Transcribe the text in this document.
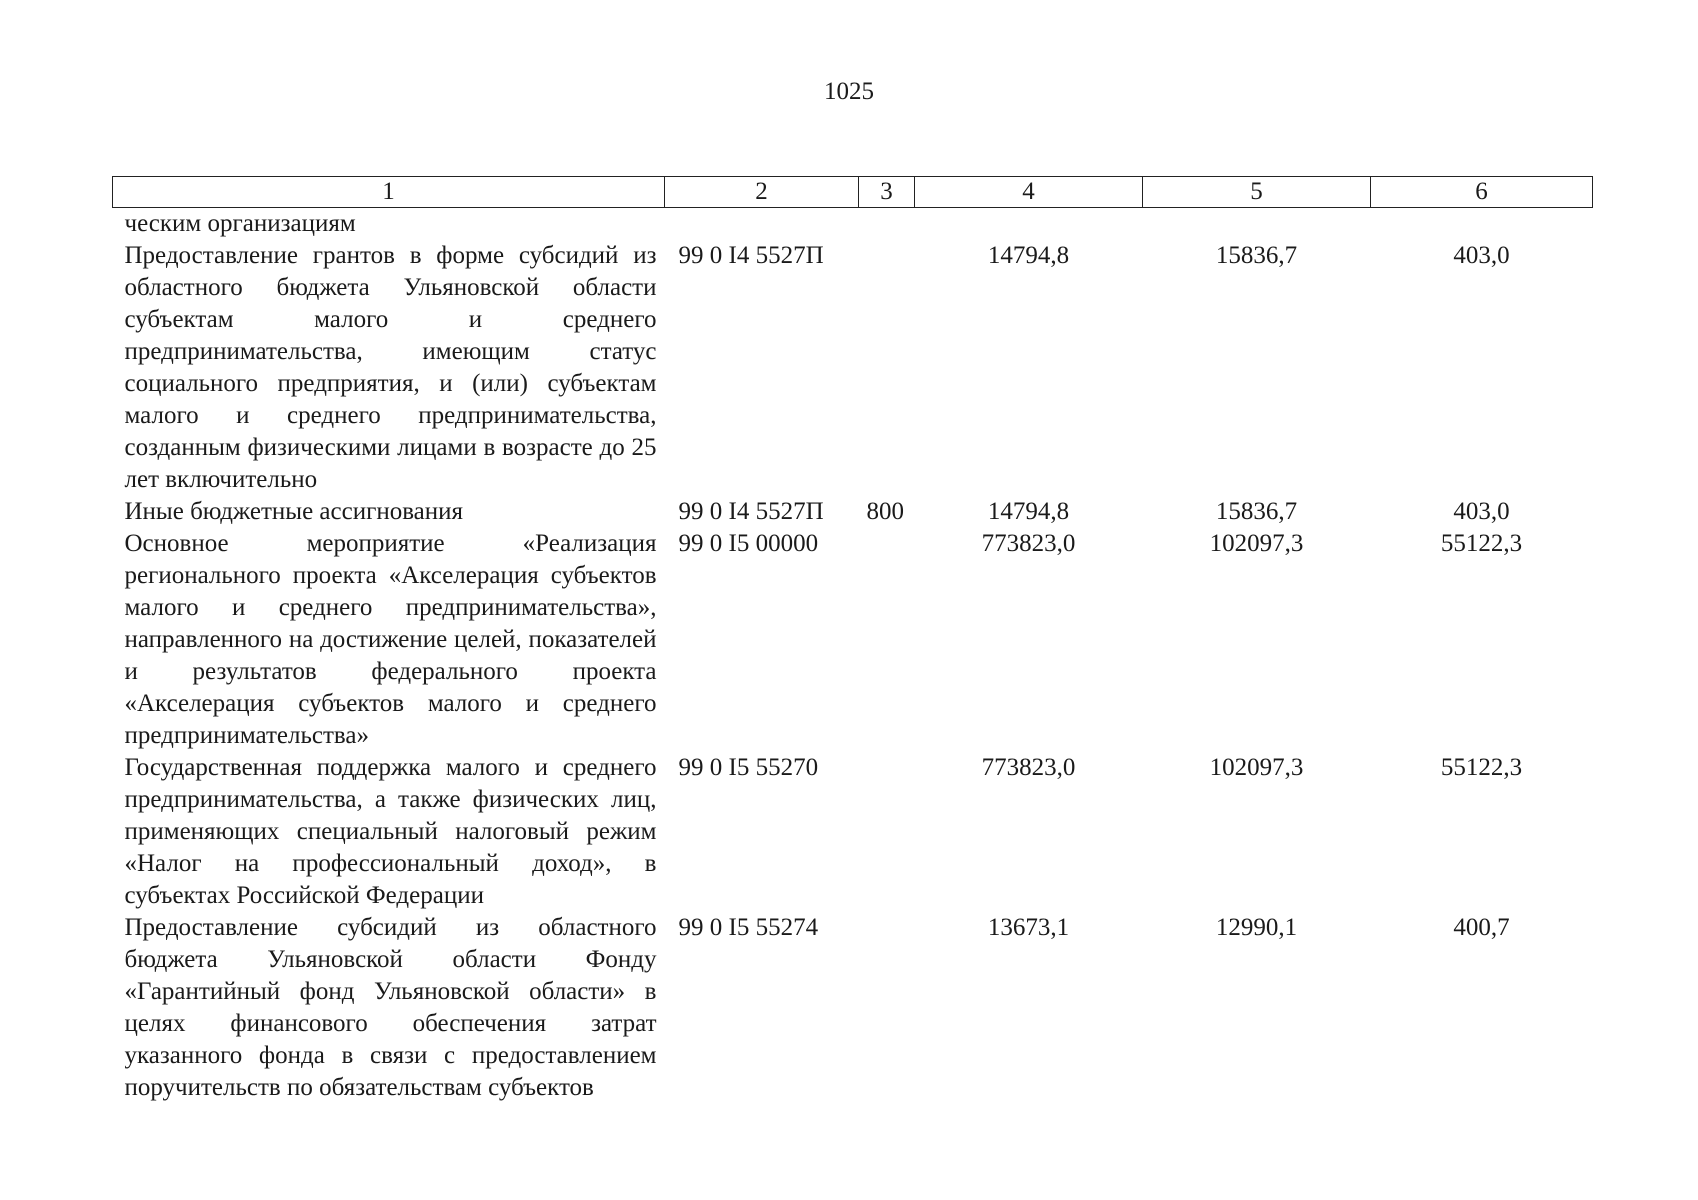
1025
1	2	3	4	5	6
ческим организациям					
Предоставление грантов в форме субсидий из областного бюджета Ульяновской области субъектам малого и среднего предпринимательства, имеющим статус социального предприятия, и (или) субъектам малого и среднего предпринимательства, созданным физическими лицами в возрасте до 25 лет включительно	99 0 I4 5527П		14794,8	15836,7	403,0
Иные бюджетные ассигнования	99 0 I4 5527П	800	14794,8	15836,7	403,0
Основное мероприятие «Реализация регионального проекта «Акселерация субъектов малого и среднего предпринимательства», направленного на достижение целей, показателей и результатов федерального проекта «Акселерация субъектов малого и среднего предпринимательства»	99 0 I5 00000		773823,0	102097,3	55122,3
Государственная поддержка малого и среднего предпринимательства, а также физических лиц, применяющих специальный налоговый режим «Налог на профессиональный доход», в субъектах Российской Федерации	99 0 I5 55270		773823,0	102097,3	55122,3
Предоставление субсидий из областного бюджета Ульяновской области Фонду «Гарантийный фонд Ульяновской области» в целях финансового обеспечения затрат указанного фонда в связи с предоставлением поручительств по обязательствам субъектов	99 0 I5 55274		13673,1	12990,1	400,7
